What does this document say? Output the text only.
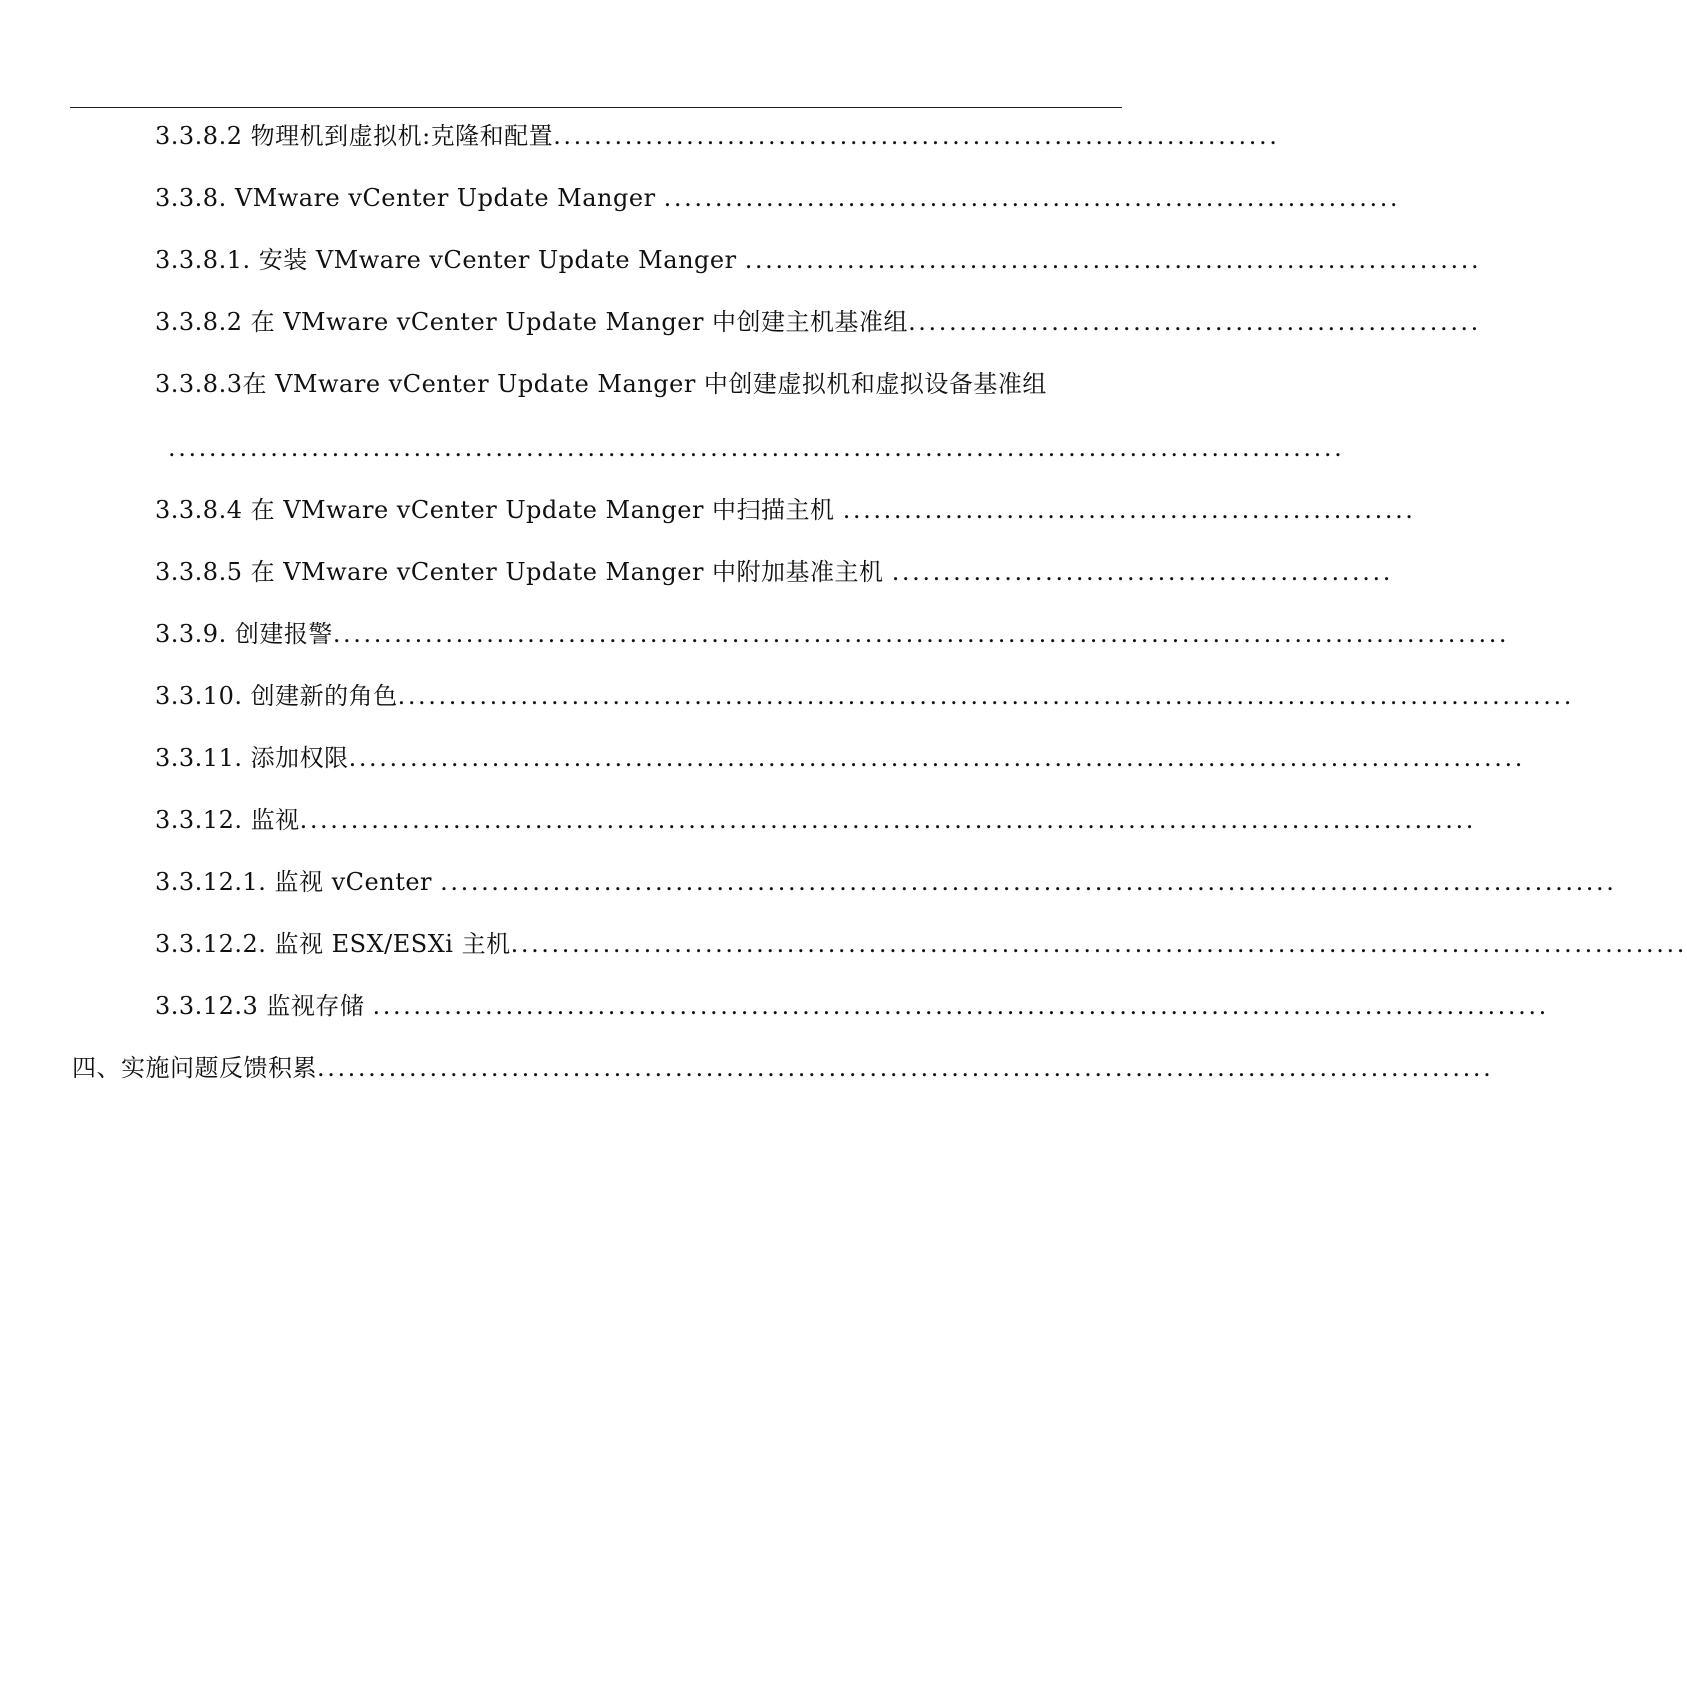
3.3.8.2 物理机到虚拟机:克隆和配置.......................................................................
3.3.8. VMware vCenter Update Manger ........................................................................
3.3.8.1. 安装 VMware vCenter Update Manger ........................................................................
3.3.8.2 在 VMware vCenter Update Manger 中创建主机基准组........................................................
3.3.8.3在 VMware vCenter Update Manger 中创建虚拟机和虚拟设备基准组
...................................................................................................................
3.3.8.4 在 VMware vCenter Update Manger 中扫描主机 ........................................................
3.3.8.5 在 VMware vCenter Update Manger 中附加基准主机 .................................................
3.3.9. 创建报警...................................................................................................................
3.3.10. 创建新的角色...................................................................................................................
3.3.11. 添加权限...................................................................................................................
3.3.12. 监视...................................................................................................................
3.3.12.1. 监视 vCenter ...................................................................................................................
3.3.12.2. 监视 ESX/ESXi 主机...................................................................................................................
3.3.12.3 监视存储 ...................................................................................................................
四、实施问题反馈积累...................................................................................................................
